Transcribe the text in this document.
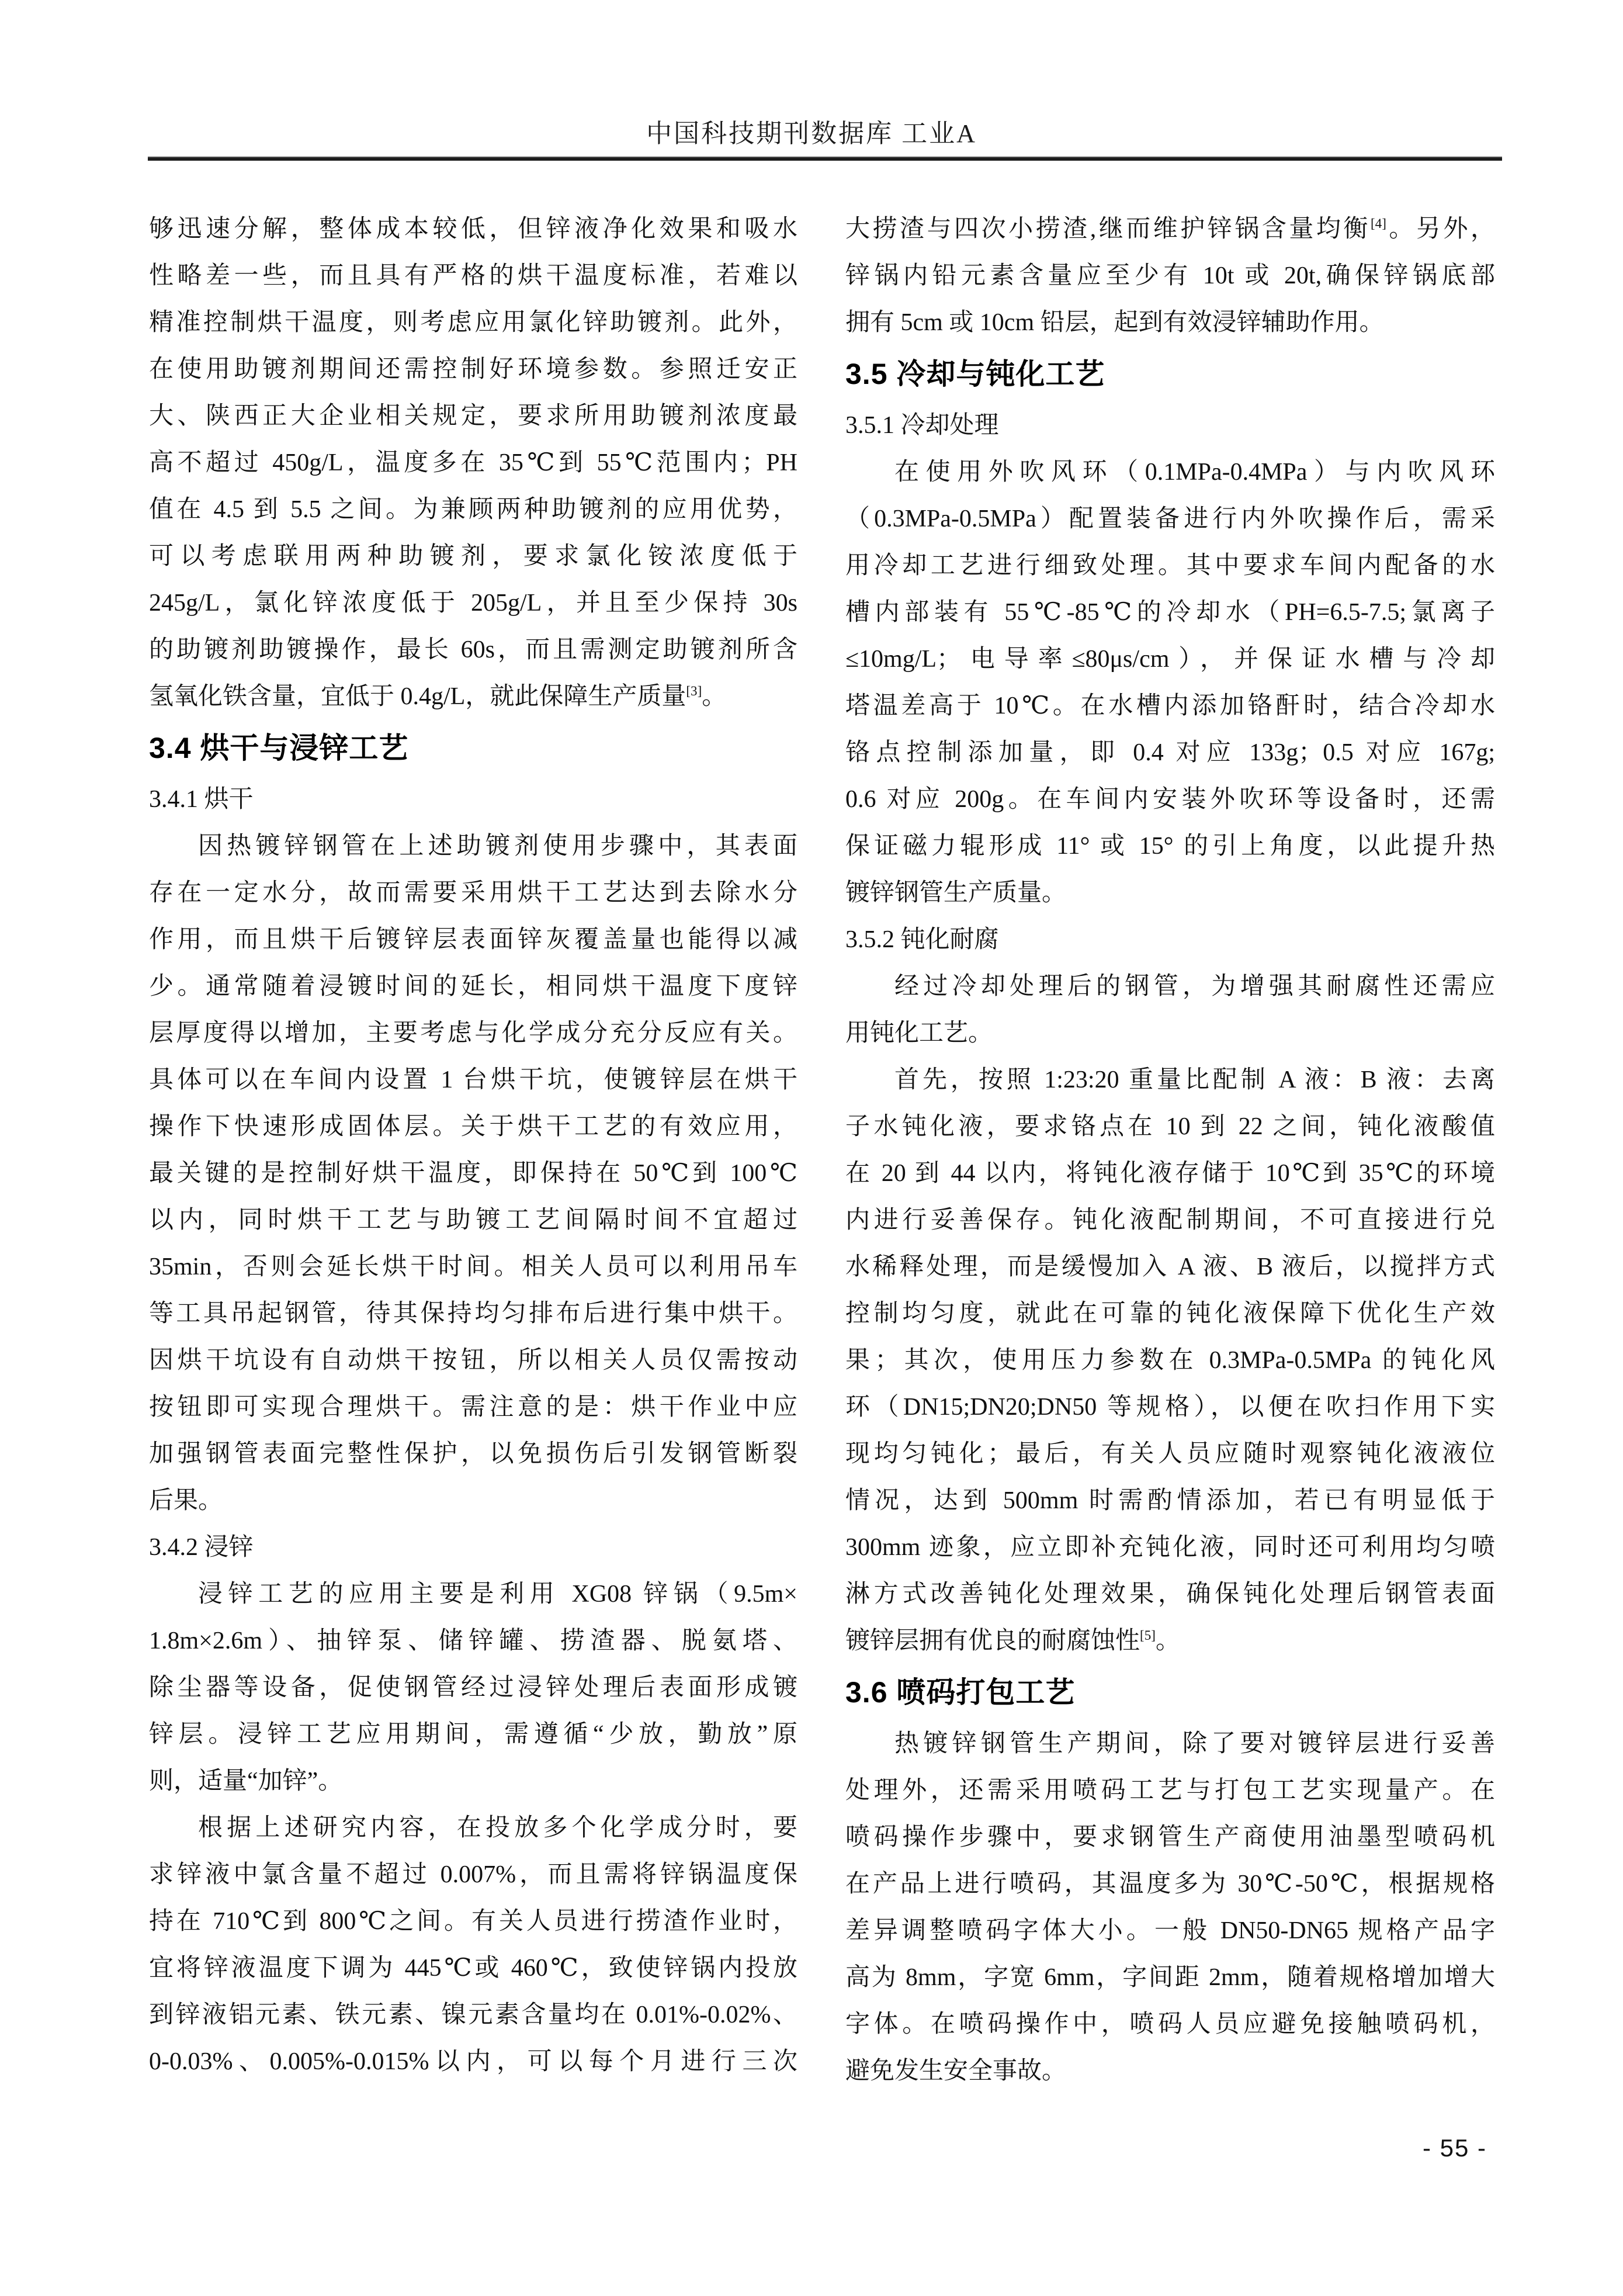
中国科技期刊数据库 工业A
够迅速分解，整体成本较低，但锌液净化效果和吸水
性略差一些，而且具有严格的烘干温度标准，若难以
精准控制烘干温度，则考虑应用氯化锌助镀剂。此外，
在使用助镀剂期间还需控制好环境参数。参照迁安正
大、陕西正大企业相关规定，要求所用助镀剂浓度最
高不超过 450g/L，温度多在 35℃到 55℃范围内；PH
值在 4.5 到 5.5 之间。为兼顾两种助镀剂的应用优势，
可以考虑联用两种助镀剂，要求氯化铵浓度低于
245g/L，氯化锌浓度低于 205g/L，并且至少保持 30s
的助镀剂助镀操作，最长 60s，而且需测定助镀剂所含
氢氧化铁含量，宜低于 0.4g/L，就此保障生产质量[3]。
3.4 烘干与浸锌工艺
3.4.1 烘干
因热镀锌钢管在上述助镀剂使用步骤中，其表面
存在一定水分，故而需要采用烘干工艺达到去除水分
作用，而且烘干后镀锌层表面锌灰覆盖量也能得以减
少。通常随着浸镀时间的延长，相同烘干温度下度锌
层厚度得以增加，主要考虑与化学成分充分反应有关。
具体可以在车间内设置 1 台烘干坑，使镀锌层在烘干
操作下快速形成固体层。关于烘干工艺的有效应用，
最关键的是控制好烘干温度，即保持在 50℃到 100℃
以内，同时烘干工艺与助镀工艺间隔时间不宜超过
35min，否则会延长烘干时间。相关人员可以利用吊车
等工具吊起钢管，待其保持均匀排布后进行集中烘干。
因烘干坑设有自动烘干按钮，所以相关人员仅需按动
按钮即可实现合理烘干。需注意的是：烘干作业中应
加强钢管表面完整性保护，以免损伤后引发钢管断裂
后果。
3.4.2 浸锌
浸锌工艺的应用主要是利用 XG08 锌锅（9.5m×
1.8m×2.6m）、抽锌泵、储锌罐、捞渣器、脱氨塔、
除尘器等设备，促使钢管经过浸锌处理后表面形成镀
锌层。浸锌工艺应用期间，需遵循“少放，勤放”原
则，适量“加锌”。
根据上述研究内容，在投放多个化学成分时，要
求锌液中氯含量不超过 0.007%，而且需将锌锅温度保
持在 710℃到 800℃之间。有关人员进行捞渣作业时，
宜将锌液温度下调为 445℃或 460℃，致使锌锅内投放
到锌液铝元素、铁元素、镍元素含量均在 0.01%-0.02%、
0-0.03%、0.005%-0.015%以内，可以每个月进行三次
大捞渣与四次小捞渣,继而维护锌锅含量均衡[4]。另外，
锌锅内铅元素含量应至少有 10t 或 20t,确保锌锅底部
拥有 5cm 或 10cm 铅层，起到有效浸锌辅助作用。
3.5 冷却与钝化工艺
3.5.1 冷却处理
在使用外吹风环（0.1MPa-0.4MPa）与内吹风环
（0.3MPa-0.5MPa）配置装备进行内外吹操作后，需采
用冷却工艺进行细致处理。其中要求车间内配备的水
槽内部装有 55℃-85℃的冷却水（PH=6.5-7.5;氯离子
≤10mg/L；电导率≤80μs/cm），并保证水槽与冷却
塔温差高于 10℃。在水槽内添加铬酐时，结合冷却水
铬点控制添加量，即 0.4 对应 133g；0.5 对应 167g;
0.6 对应 200g。在车间内安装外吹环等设备时，还需
保证磁力辊形成 11° 或 15° 的引上角度，以此提升热
镀锌钢管生产质量。
3.5.2 钝化耐腐
经过冷却处理后的钢管，为增强其耐腐性还需应
用钝化工艺。
首先，按照 1:23:20 重量比配制 A 液：B 液：去离
子水钝化液，要求铬点在 10 到 22 之间，钝化液酸值
在 20 到 44 以内，将钝化液存储于 10℃到 35℃的环境
内进行妥善保存。钝化液配制期间，不可直接进行兑
水稀释处理，而是缓慢加入 A 液、B 液后，以搅拌方式
控制均匀度，就此在可靠的钝化液保障下优化生产效
果；其次，使用压力参数在 0.3MPa-0.5MPa 的钝化风
环（DN15;DN20;DN50 等规格），以便在吹扫作用下实
现均匀钝化；最后，有关人员应随时观察钝化液液位
情况，达到 500mm 时需酌情添加，若已有明显低于
300mm 迹象，应立即补充钝化液，同时还可利用均匀喷
淋方式改善钝化处理效果，确保钝化处理后钢管表面
镀锌层拥有优良的耐腐蚀性[5]。
3.6 喷码打包工艺
热镀锌钢管生产期间，除了要对镀锌层进行妥善
处理外，还需采用喷码工艺与打包工艺实现量产。在
喷码操作步骤中，要求钢管生产商使用油墨型喷码机
在产品上进行喷码，其温度多为 30℃-50℃，根据规格
差异调整喷码字体大小。一般 DN50-DN65 规格产品字
高为 8mm，字宽 6mm，字间距 2mm，随着规格增加增大
字体。在喷码操作中，喷码人员应避免接触喷码机，
避免发生安全事故。
- 55 -
